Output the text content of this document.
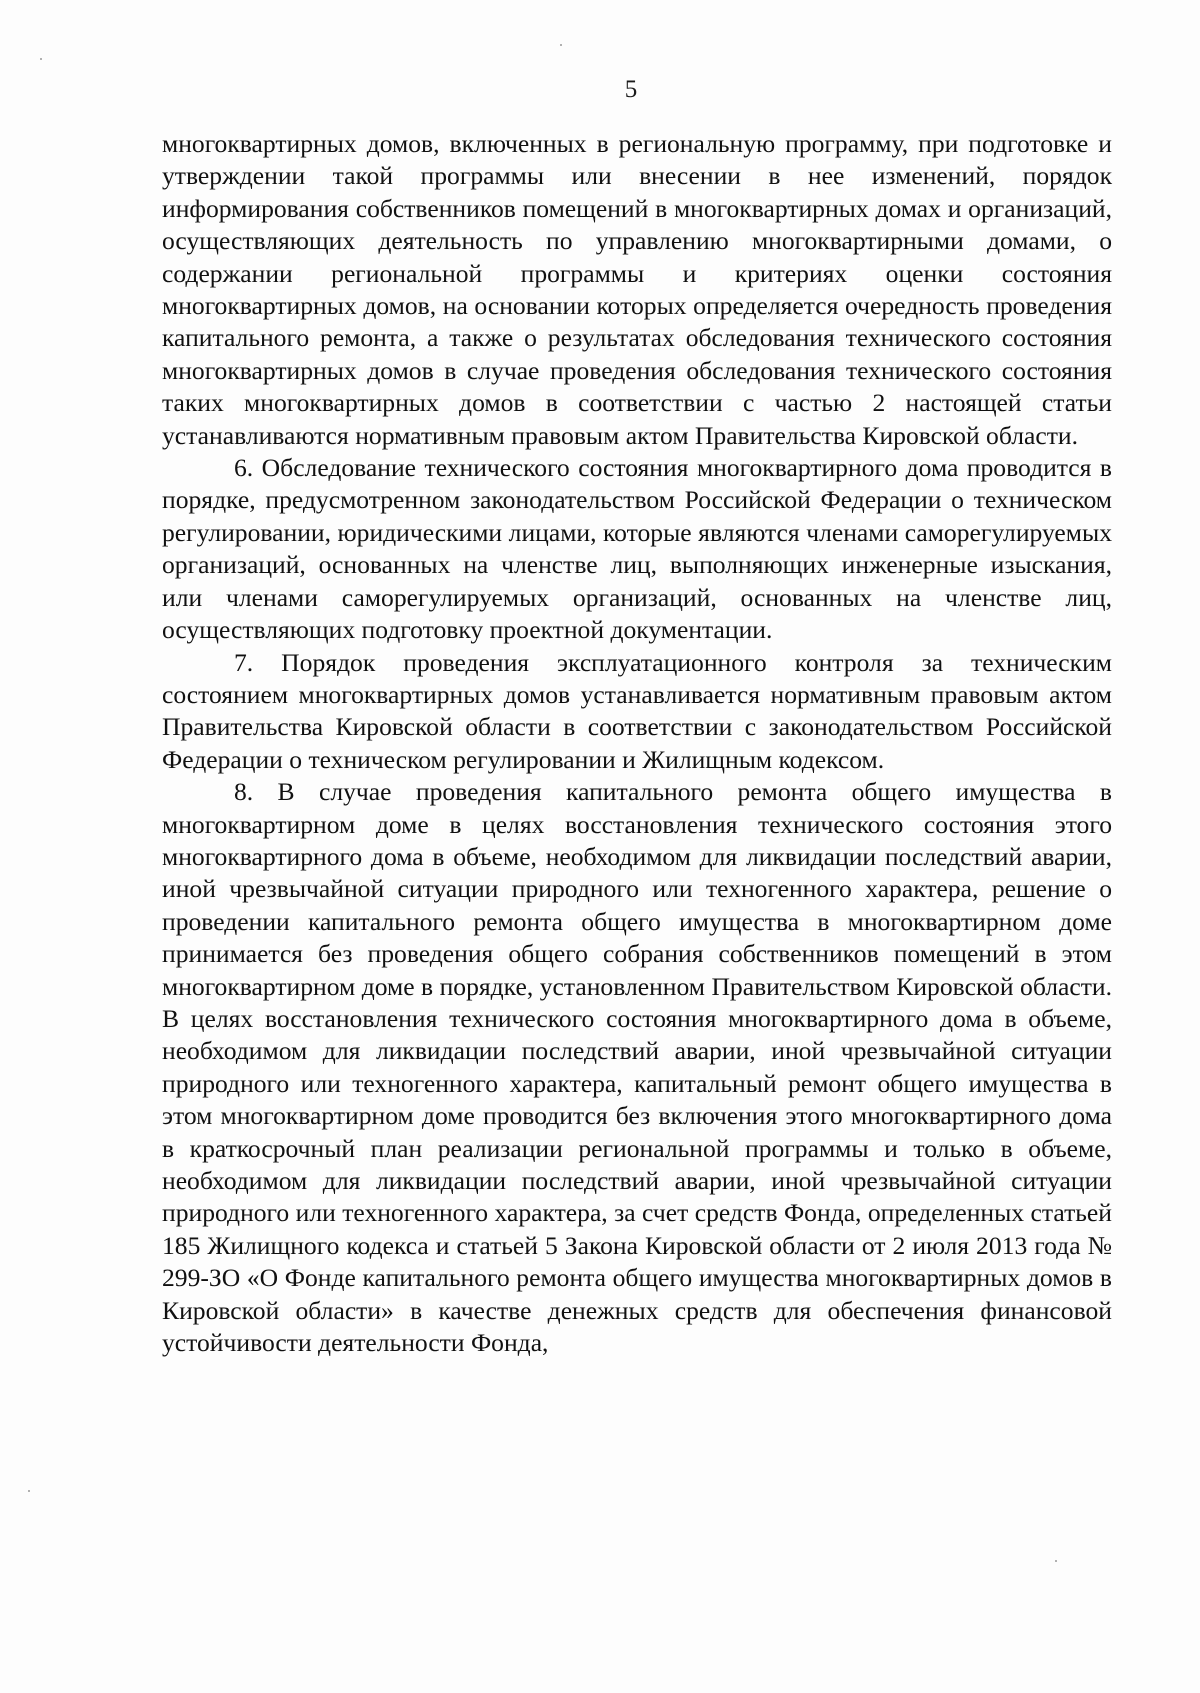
5

многоквартирных домов, включенных в региональную программу, при подготовке и утверждении такой программы или внесении в нее изменений, порядок информирования собственников помещений в многоквартирных домах и организаций, осуществляющих деятельность по управлению многоквартирными домами, о содержании региональной программы и критериях оценки состояния многоквартирных домов, на основании которых определяется очередность проведения капитального ремонта, а также о результатах обследования технического состояния многоквартирных домов в случае проведения обследования технического состояния таких многоквартирных домов в соответствии с частью 2 настоящей статьи устанавливаются нормативным правовым актом Правительства Кировской области.

6. Обследование технического состояния многоквартирного дома проводится в порядке, предусмотренном законодательством Российской Федерации о техническом регулировании, юридическими лицами, которые являются членами саморегулируемых организаций, основанных на членстве лиц, выполняющих инженерные изыскания, или членами саморегулируемых организаций, основанных на членстве лиц, осуществляющих подготовку проектной документации.

7. Порядок проведения эксплуатационного контроля за техническим состоянием многоквартирных домов устанавливается нормативным правовым актом Правительства Кировской области в соответствии с законодательством Российской Федерации о техническом регулировании и Жилищным кодексом.

8. В случае проведения капитального ремонта общего имущества в многоквартирном доме в целях восстановления технического состояния этого многоквартирного дома в объеме, необходимом для ликвидации последствий аварии, иной чрезвычайной ситуации природного или техногенного характера, решение о проведении капитального ремонта общего имущества в многоквартирном доме принимается без проведения общего собрания собственников помещений в этом многоквартирном доме в порядке, установленном Правительством Кировской области. В целях восстановления технического состояния многоквартирного дома в объеме, необходимом для ликвидации последствий аварии, иной чрезвычайной ситуации природного или техногенного характера, капитальный ремонт общего имущества в этом многоквартирном доме проводится без включения этого многоквартирного дома в краткосрочный план реализации региональной программы и только в объеме, необходимом для ликвидации последствий аварии, иной чрезвычайной ситуации природного или техногенного характера, за счет средств Фонда, определенных статьей 185 Жилищного кодекса и статьей 5 Закона Кировской области от 2 июля 2013 года № 299-ЗО «О Фонде капитального ремонта общего имущества многоквартирных домов в Кировской области» в качестве денежных средств для обеспечения финансовой устойчивости деятельности Фонда,
